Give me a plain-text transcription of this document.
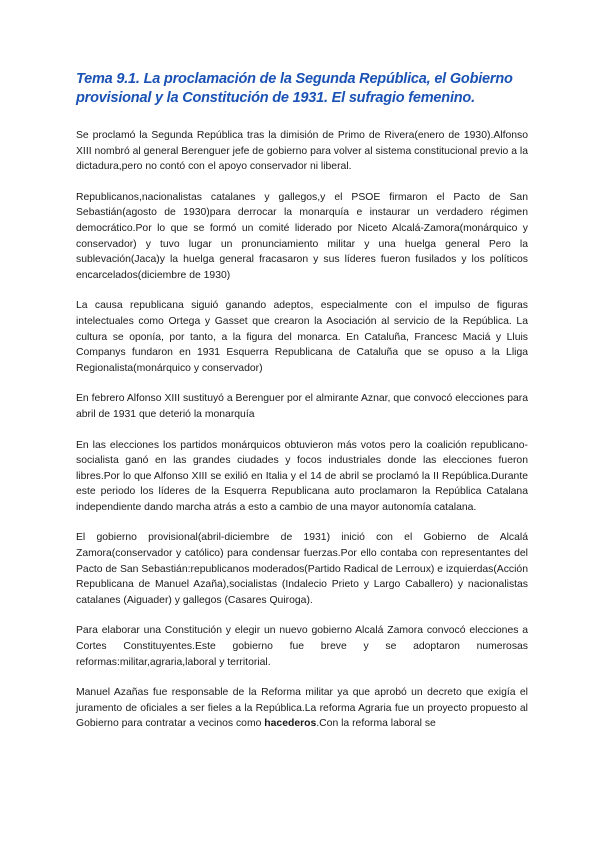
Tema 9.1. La proclamación de la Segunda República, el Gobierno provisional y la Constitución de 1931. El sufragio femenino.

Se proclamó la Segunda República tras la dimisión de Primo de Rivera(enero de 1930).Alfonso XIII nombró al general Berenguer jefe de gobierno para volver al sistema constitucional previo a la dictadura,pero no contó con el apoyo conservador ni liberal.

Republicanos,nacionalistas catalanes y gallegos,y el PSOE firmaron el Pacto de San Sebastián(agosto de 1930)para derrocar la monarquía e instaurar un verdadero régimen democrático.Por lo que se formó un comité liderado por Niceto Alcalá-Zamora(monárquico y conservador) y tuvo lugar un pronunciamiento militar y una huelga general Pero la sublevación(Jaca)y la huelga general fracasaron y sus líderes fueron fusilados y los políticos encarcelados(diciembre de 1930)

La causa republicana siguió ganando adeptos, especialmente con el impulso de figuras intelectuales como Ortega y Gasset que crearon la Asociación al servicio de la República. La cultura se oponía, por tanto, a la figura del monarca. En Cataluña, Francesc Maciá y Lluis Companys fundaron en 1931 Esquerra Republicana de Cataluña que se opuso a la Lliga Regionalista(monárquico y conservador)

En febrero Alfonso XIII sustituyó a Berenguer por el almirante Aznar, que convocó elecciones para abril de 1931 que deterió la monarquía

En las elecciones los partidos monárquicos obtuvieron más votos pero la coalición republicano-socialista ganó en las grandes ciudades y focos industriales donde las elecciones fueron libres.Por lo que Alfonso XIII se exilió en Italia y el 14 de abril se proclamó la II República.Durante este periodo los líderes de la Esquerra Republicana auto proclamaron la República Catalana independiente dando marcha atrás a esto a cambio de una mayor autonomía catalana.

El gobierno provisional(abril-diciembre de 1931) inició con el Gobierno de Alcalá Zamora(conservador y católico) para condensar fuerzas.Por ello contaba con representantes del Pacto de San Sebastián:republicanos moderados(Partido Radical de Lerroux) e izquierdas(Acción Republicana de Manuel Azaña),socialistas (Indalecio Prieto y Largo Caballero) y nacionalistas catalanes (Aiguader) y gallegos (Casares Quiroga).

Para elaborar una Constitución y elegir un nuevo gobierno Alcalá Zamora convocó elecciones a Cortes Constituyentes.Este gobierno fue breve y se adoptaron numerosas reformas:militar,agraria,laboral y territorial.

Manuel Azañas fue responsable de la Reforma militar ya que aprobó un decreto que exigía el juramento de oficiales a ser fieles a la República.La reforma Agraria fue un proyecto propuesto al Gobierno para contratar a vecinos como hacederos.Con la reforma laboral se
